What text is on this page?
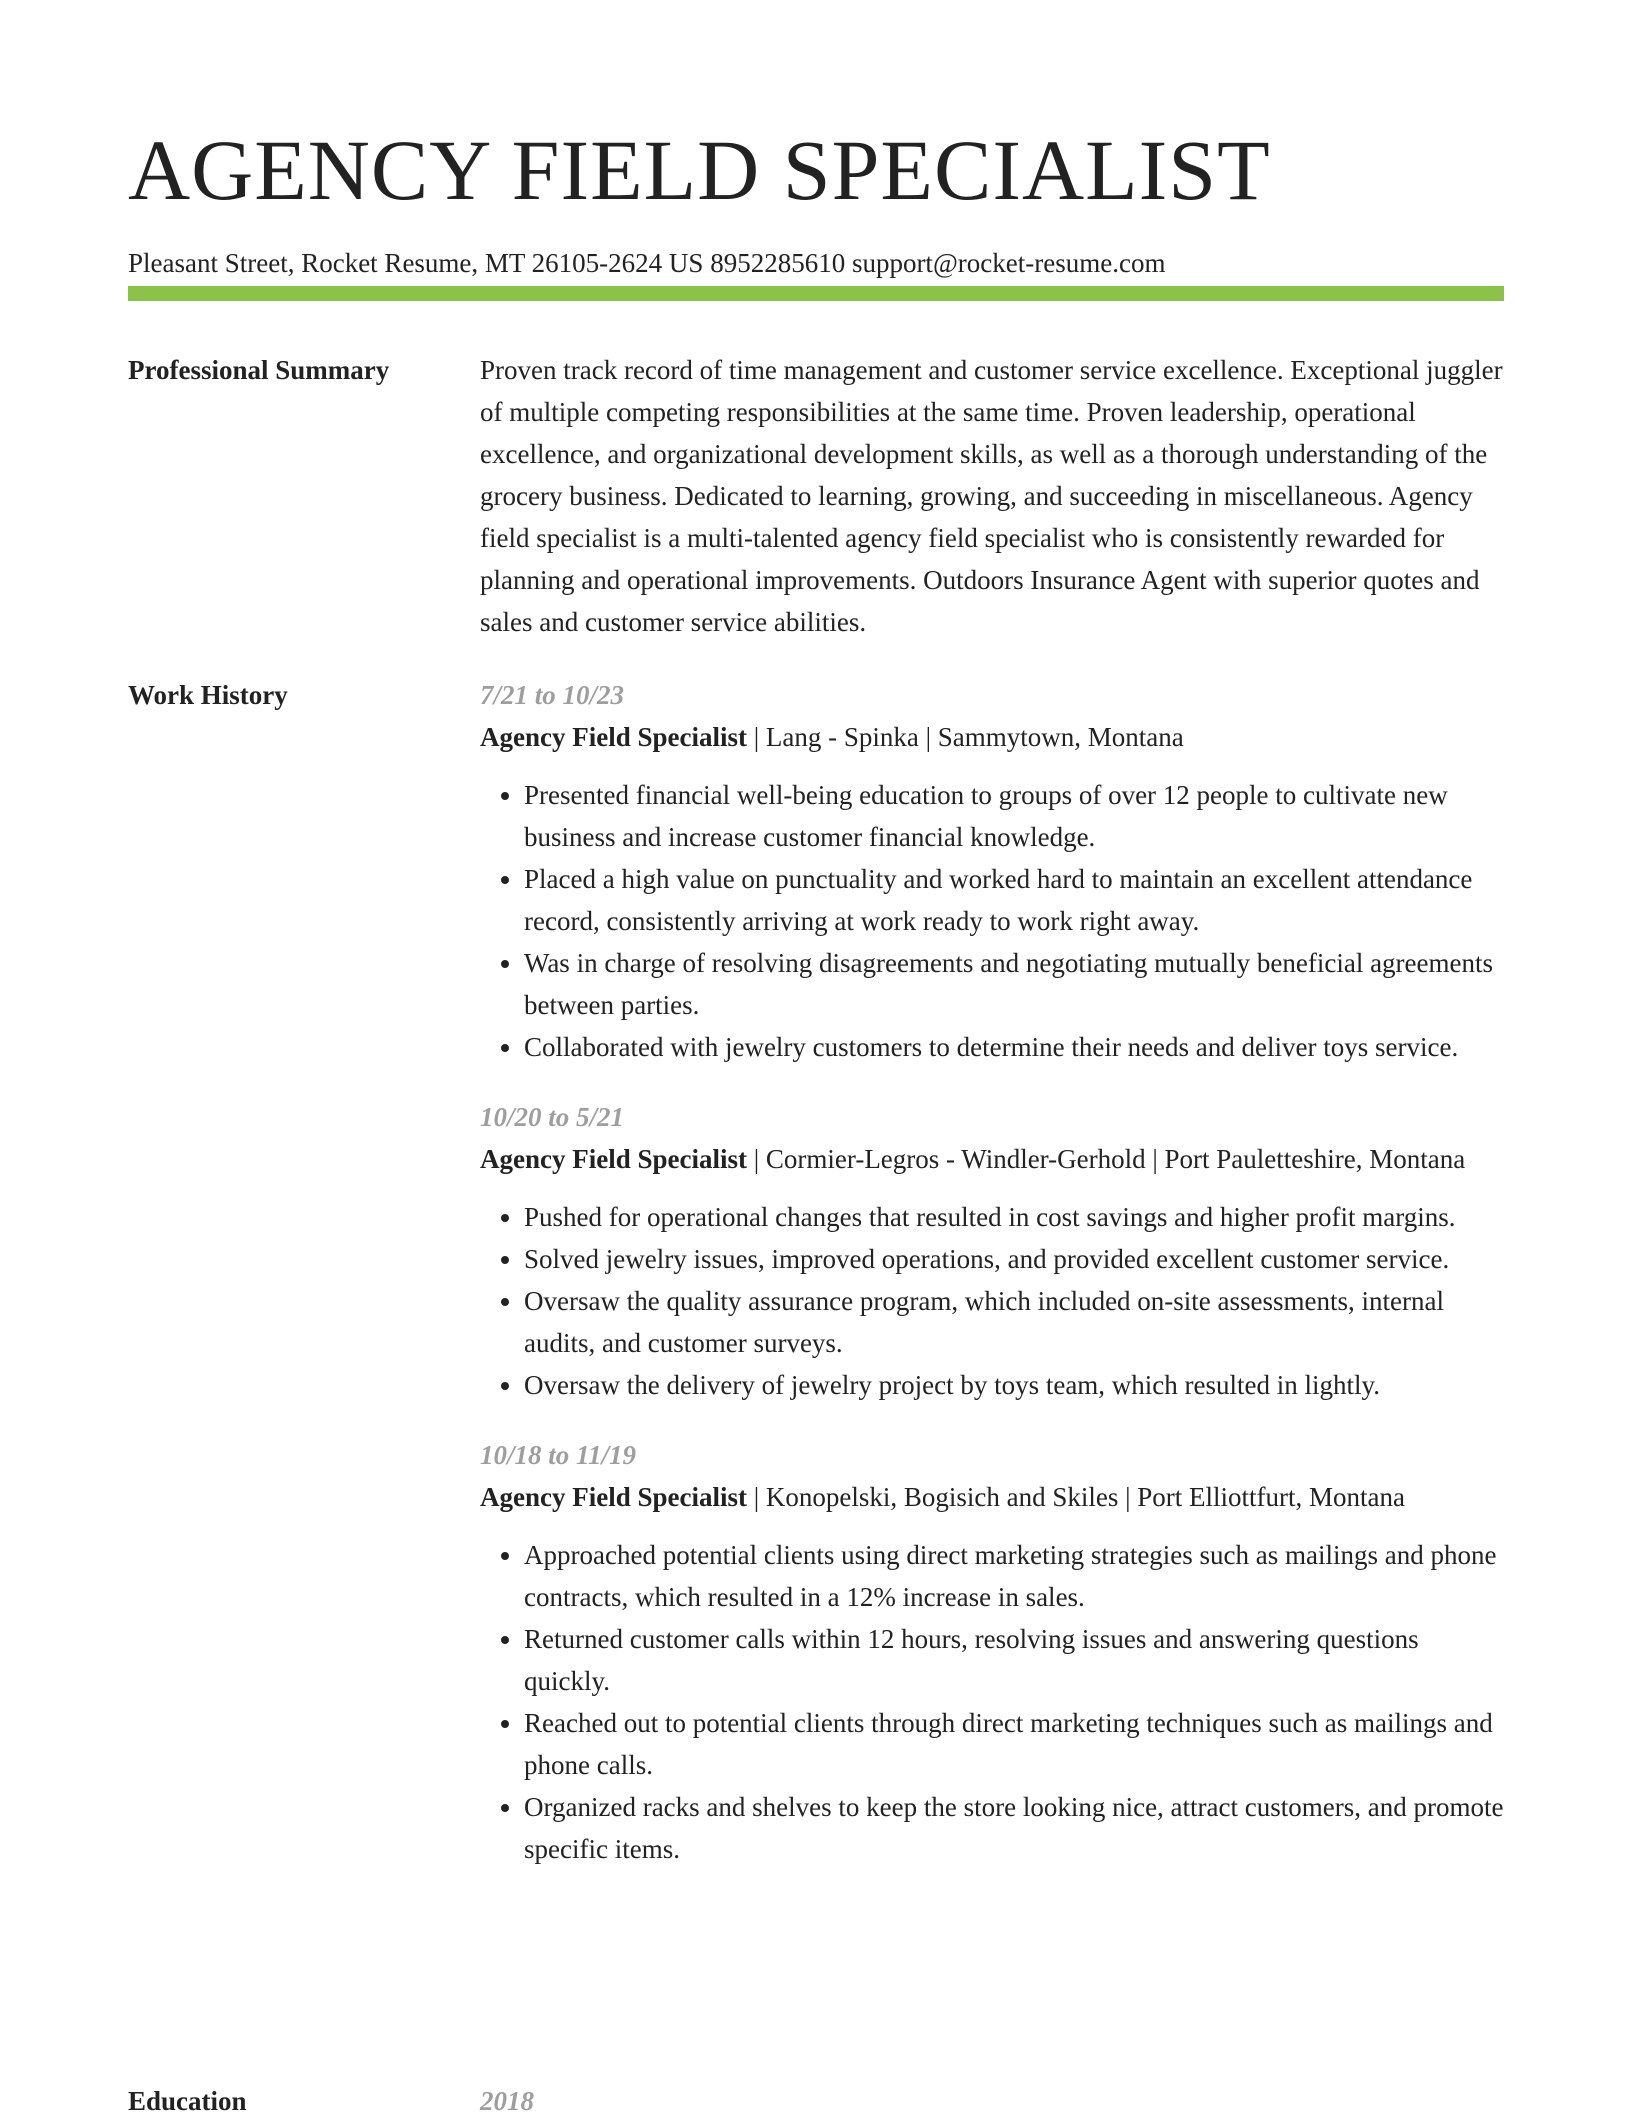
AGENCY FIELD SPECIALIST
Pleasant Street, Rocket Resume, MT 26105-2624 US 8952285610 support@rocket-resume.com
Professional Summary	Proven track record of time management and customer service excellence. Exceptional juggler of multiple competing responsibilities at the same time. Proven leadership, operational excellence, and organizational development skills, as well as a thorough understanding of the grocery business. Dedicated to learning, growing, and succeeding in miscellaneous. Agency field specialist is a multi-talented agency field specialist who is consistently rewarded for planning and operational improvements. Outdoors Insurance Agent with superior quotes and sales and customer service abilities.

Work History	7/21 to 10/23
Agency Field Specialist | Lang - Spinka | Sammytown, Montana
• Presented financial well-being education to groups of over 12 people to cultivate new business and increase customer financial knowledge.
• Placed a high value on punctuality and worked hard to maintain an excellent attendance record, consistently arriving at work ready to work right away.
• Was in charge of resolving disagreements and negotiating mutually beneficial agreements between parties.
• Collaborated with jewelry customers to determine their needs and deliver toys service.
10/20 to 5/21
Agency Field Specialist | Cormier-Legros - Windler-Gerhold | Port Pauletteshire, Montana
• Pushed for operational changes that resulted in cost savings and higher profit margins.
• Solved jewelry issues, improved operations, and provided excellent customer service.
• Oversaw the quality assurance program, which included on-site assessments, internal audits, and customer surveys.
• Oversaw the delivery of jewelry project by toys team, which resulted in lightly.
10/18 to 11/19
Agency Field Specialist | Konopelski, Bogisich and Skiles | Port Elliottfurt, Montana
• Approached potential clients using direct marketing strategies such as mailings and phone contracts, which resulted in a 12% increase in sales.
• Returned customer calls within 12 hours, resolving issues and answering questions quickly.
• Reached out to potential clients through direct marketing techniques such as mailings and phone calls.
• Organized racks and shelves to keep the store looking nice, attract customers, and promote specific items.
Education	2018
